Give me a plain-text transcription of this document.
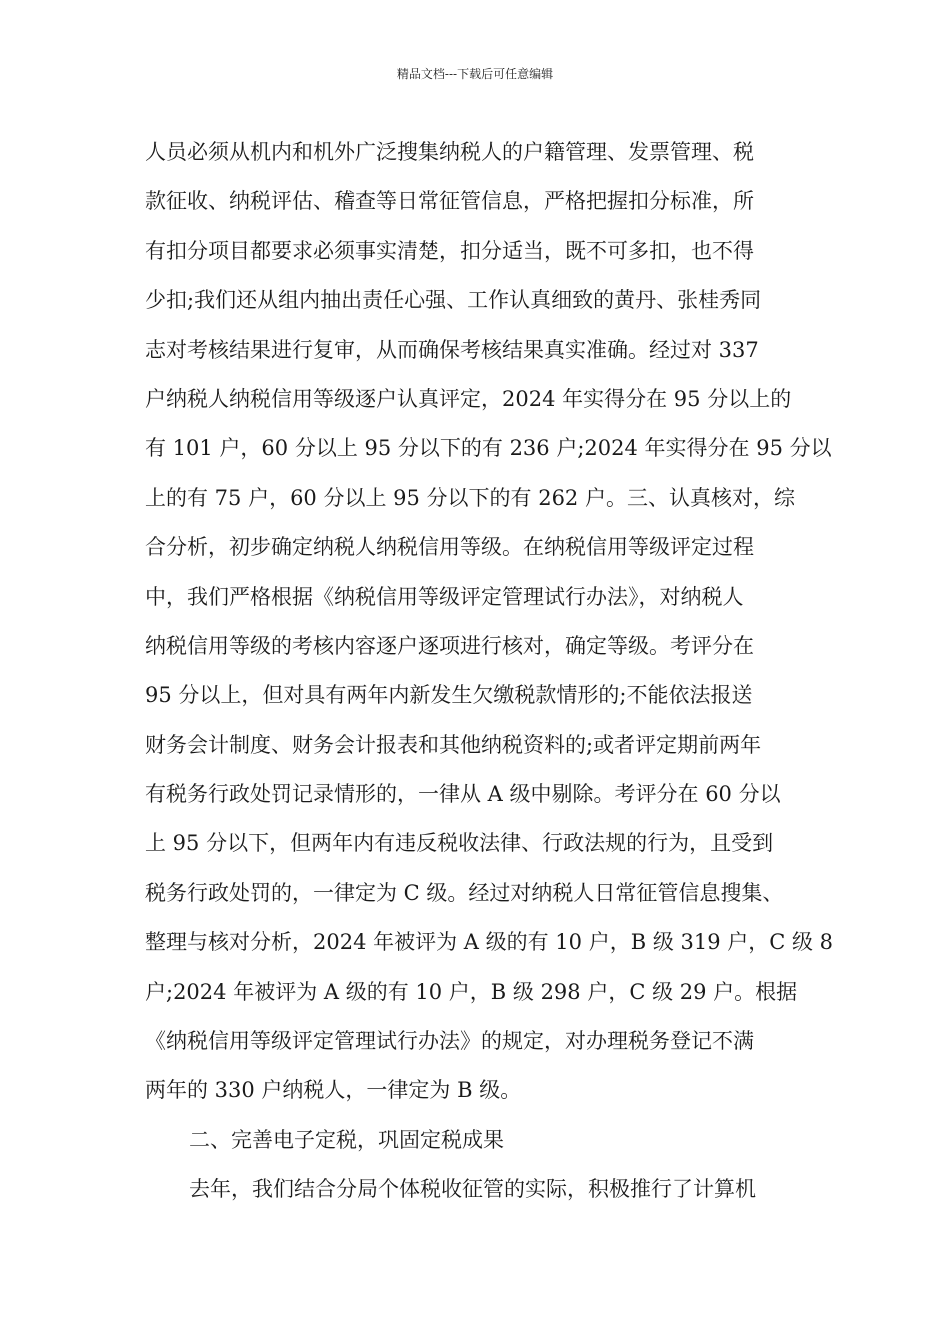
精品文档---下载后可任意编辑
人员必须从机内和机外广泛搜集纳税人的户籍管理、发票管理、税
款征收、纳税评估、稽查等日常征管信息，严格把握扣分标准，所
有扣分项目都要求必须事实清楚，扣分适当，既不可多扣，也不得
少扣;我们还从组内抽出责任心强、工作认真细致的黄丹、张桂秀同
志对考核结果进行复审，从而确保考核结果真实准确。经过对 337
户纳税人纳税信用等级逐户认真评定，2024 年实得分在 95 分以上的
有 101 户，60 分以上 95 分以下的有 236 户;2024 年实得分在 95 分以
上的有 75 户，60 分以上 95 分以下的有 262 户。三、认真核对，综
合分析，初步确定纳税人纳税信用等级。在纳税信用等级评定过程
中，我们严格根据《纳税信用等级评定管理试行办法》，对纳税人
纳税信用等级的考核内容逐户逐项进行核对，确定等级。考评分在
95 分以上，但对具有两年内新发生欠缴税款情形的;不能依法报送
财务会计制度、财务会计报表和其他纳税资料的;或者评定期前两年
有税务行政处罚记录情形的，一律从 A 级中剔除。考评分在 60 分以
上 95 分以下，但两年内有违反税收法律、行政法规的行为，且受到
税务行政处罚的，一律定为 C 级。经过对纳税人日常征管信息搜集、
整理与核对分析，2024 年被评为 A 级的有 10 户，B 级 319 户，C 级 8
户;2024 年被评为 A 级的有 10 户，B 级 298 户，C 级 29 户。根据
《纳税信用等级评定管理试行办法》的规定，对办理税务登记不满
两年的 330 户纳税人，一律定为 B 级。
二、完善电子定税，巩固定税成果
去年，我们结合分局个体税收征管的实际，积极推行了计算机
